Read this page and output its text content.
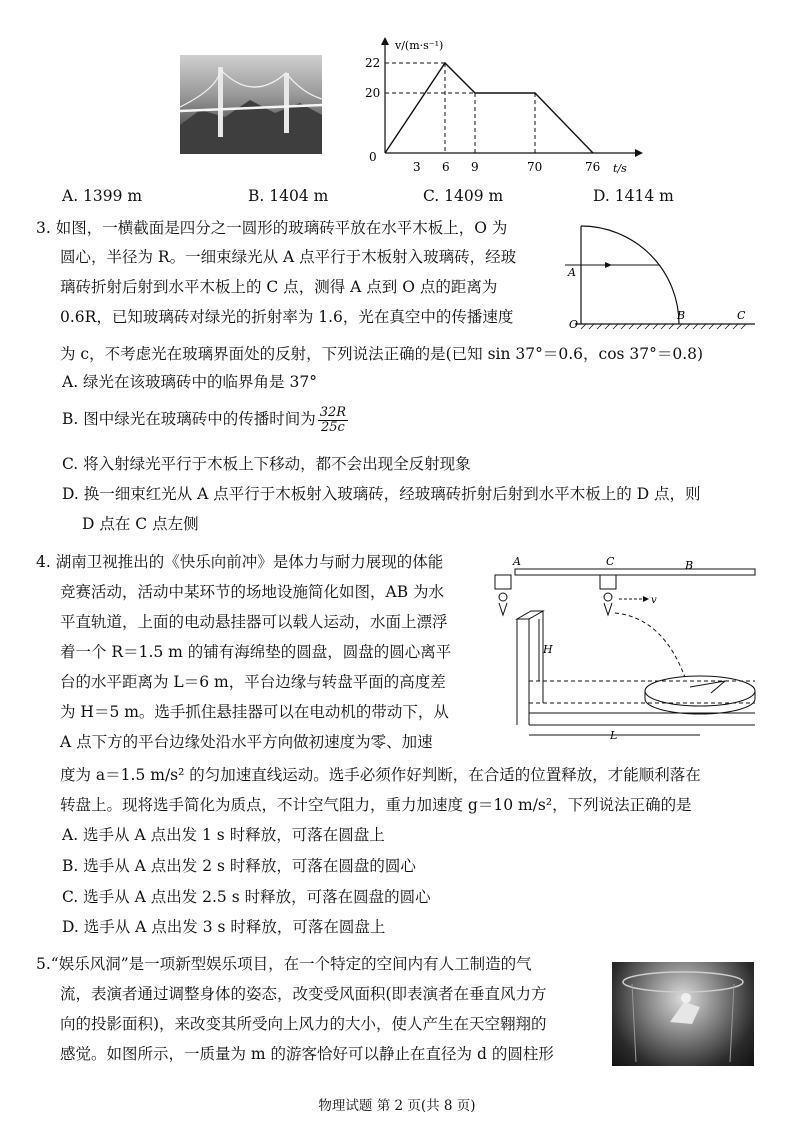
v/(m·s⁻¹)
t/s
0
22
20
3 6 9	70	76
A. 1399 m	B. 1404 m	C. 1409 m	D. 1414 m
3. 如图，一横截面是四分之一圆形的玻璃砖平放在水平木板上，O 为
圆心，半径为 R。一细束绿光从 A 点平行于木板射入玻璃砖，经玻
璃砖折射后射到水平木板上的 C 点，测得 A 点到 O 点的距离为
0.6R，已知玻璃砖对绿光的折射率为 1.6，光在真空中的传播速度
为 c，不考虑光在玻璃界面处的反射，下列说法正确的是(已知 sin 37°＝0.6，cos 37°＝0.8)
A
O
B	C
A. 绿光在该玻璃砖中的临界角是 37°
B. 图中绿光在玻璃砖中的传播时间为 $\frac{32R}{25c}$
C. 将入射绿光平行于木板上下移动，都不会出现全反射现象
D. 换一细束红光从 A 点平行于木板射入玻璃砖，经玻璃砖折射后射到水平木板上的 D 点，则
D 点在 C 点左侧
4. 湖南卫视推出的《快乐向前冲》是体力与耐力展现的体能
竞赛活动，活动中某环节的场地设施简化如图，AB 为水
平直轨道，上面的电动悬挂器可以载人运动，水面上漂浮
着一个 R＝1.5 m 的铺有海绵垫的圆盘，圆盘的圆心离平
台的水平距离为 L＝6 m，平台边缘与转盘平面的高度差
为 H＝5 m。选手抓住悬挂器可以在电动机的带动下，从
A 点下方的平台边缘处沿水平方向做初速度为零、加速
度为 a＝1.5 m/s² 的匀加速直线运动。选手必须作好判断，在合适的位置释放，才能顺利落在
转盘上。现将选手简化为质点，不计空气阻力，重力加速度 g＝10 m/s²，下列说法正确的是
A	C	B
v
H
L
A. 选手从 A 点出发 1 s 时释放，可落在圆盘上
B. 选手从 A 点出发 2 s 时释放，可落在圆盘的圆心
C. 选手从 A 点出发 2.5 s 时释放，可落在圆盘的圆心
D. 选手从 A 点出发 3 s 时释放，可落在圆盘上
5.“娱乐风洞”是一项新型娱乐项目，在一个特定的空间内有人工制造的气
流，表演者通过调整身体的姿态，改变受风面积(即表演者在垂直风力方
向的投影面积)，来改变其所受向上风力的大小，使人产生在天空翱翔的
感觉。如图所示，一质量为 m 的游客恰好可以静止在直径为 d 的圆柱形
物理试题 第 2 页(共 8 页)
